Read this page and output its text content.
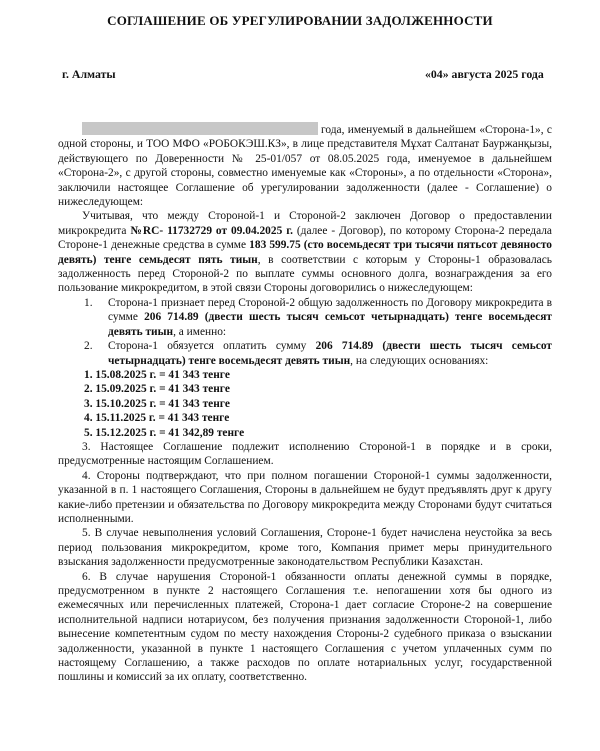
СОГЛАШЕНИЕ ОБ УРЕГУЛИРОВАНИИ ЗАДОЛЖЕННОСТИ
г. Алматы	«04» августа 2025 года

года, именуемый в дальнейшем «Сторона-1», с одной стороны, и ТОО МФО «РОБОКЭШ.КЗ», в лице представителя Мұхат Салтанат Бауржанқызы, действующего по Доверенности № 25-01/057 от 08.05.2025 года, именуемое в дальнейшем «Сторона-2», с другой стороны, совместно именуемые как «Стороны», а по отдельности «Сторона», заключили настоящее Соглашение об урегулировании задолженности (далее - Соглашение) о нижеследующем:

Учитывая, что между Стороной-1 и Стороной-2 заключен Договор о предоставлении микрокредита №RC- 11732729 от 09.04.2025 г. (далее - Договор), по которому Сторона-2 передала Стороне-1 денежные средства в сумме 183 599.75 (сто восемьдесят три тысячи пятьсот девяносто девять) тенге семьдесят пять тиын, в соответствии с которым у Стороны-1 образовалась задолженность перед Стороной-2 по выплате суммы основного долга, вознаграждения за его пользование микрокредитом, в этой связи Стороны договорились о нижеследующем:

1. Сторона-1 признает перед Стороной-2 общую задолженность по Договору микрокредита в сумме 206 714.89 (двести шесть тысяч семьсот четырнадцать) тенге восемьдесят девять тиын, а именно:
2. Сторона-1 обязуется оплатить сумму 206 714.89 (двести шесть тысяч семьсот четырнадцать) тенге восемьдесят девять тиын, на следующих основаниях:
1. 15.08.2025 г. = 41 343 тенге
2. 15.09.2025 г. = 41 343 тенге
3. 15.10.2025 г. = 41 343 тенге
4. 15.11.2025 г. = 41 343 тенге
5. 15.12.2025 г. = 41 342,89 тенге

3. Настоящее Соглашение подлежит исполнению Стороной-1 в порядке и в сроки, предусмотренные настоящим Соглашением.

4. Стороны подтверждают, что при полном погашении Стороной-1 суммы задолженности, указанной в п. 1 настоящего Соглашения, Стороны в дальнейшем не будут предъявлять друг к другу какие-либо претензии и обязательства по Договору микрокредита между Сторонами будут считаться исполненными.

5. В случае невыполнения условий Соглашения, Стороне-1 будет начислена неустойка за весь период пользования микрокредитом, кроме того, Компания примет меры принудительного взыскания задолженности предусмотренные законодательством Республики Казахстан.

6. В случае нарушения Стороной-1 обязанности оплаты денежной суммы в порядке, предусмотренном в пункте 2 настоящего Соглашения т.е. непогашении хотя бы одного из ежемесячных или перечисленных платежей, Сторона-1 дает согласие Стороне-2 на совершение исполнительной надписи нотариусом, без получения признания задолженности Стороной-1, либо вынесение компетентным судом по месту нахождения Стороны-2 судебного приказа о взыскании задолженности, указанной в пункте 1 настоящего Соглашения с учетом уплаченных сумм по настоящему Соглашению, а также расходов по оплате нотариальных услуг, государственной пошлины и комиссий за их оплату, соответственно.
